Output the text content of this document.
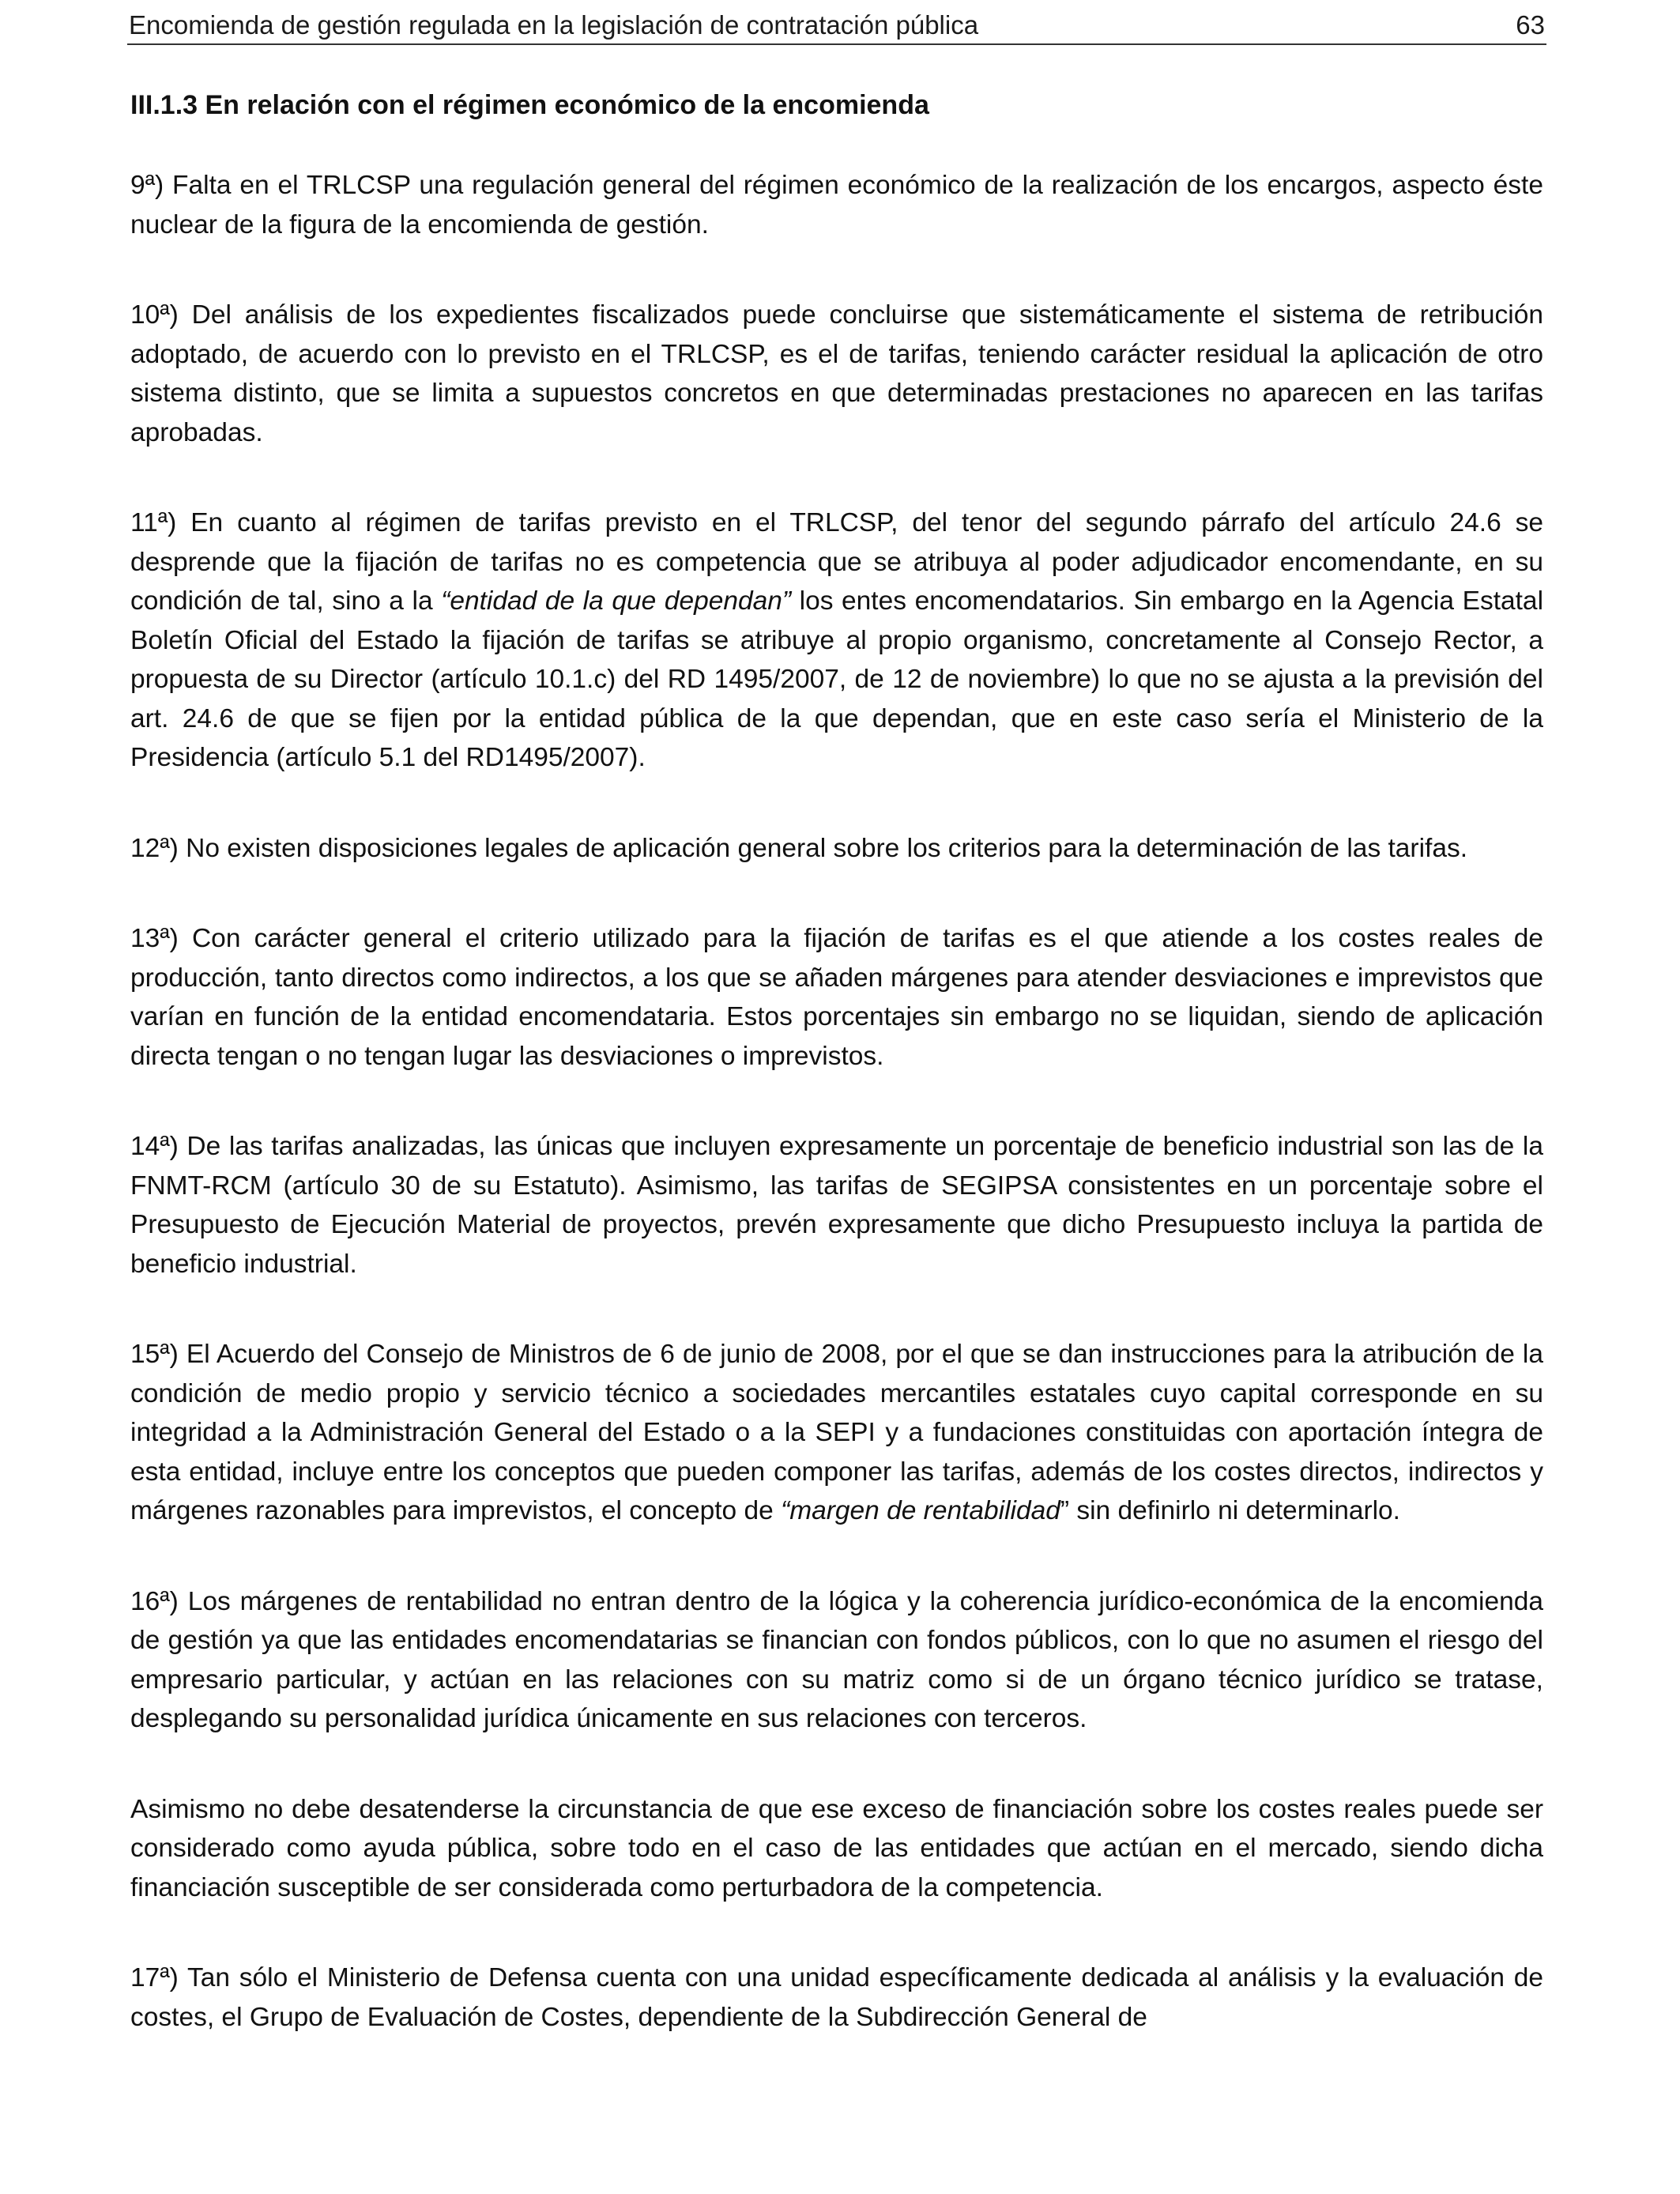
Encomienda de gestión regulada en la legislación de contratación pública	63
III.1.3 En relación con el régimen económico de la encomienda

9ª) Falta en el TRLCSP una regulación general del régimen económico de la realización de los encargos, aspecto éste nuclear de la figura de la encomienda de gestión.

10ª) Del análisis de los expedientes fiscalizados puede concluirse que sistemáticamente el sistema de retribución adoptado, de acuerdo con lo previsto en el TRLCSP, es el de tarifas, teniendo carácter residual la aplicación de otro sistema distinto, que se limita a supuestos concretos en que determinadas prestaciones no aparecen en las tarifas aprobadas.

11ª) En cuanto al régimen de tarifas previsto en el TRLCSP, del tenor del segundo párrafo del artículo 24.6 se desprende que la fijación de tarifas no es competencia que se atribuya al poder adjudicador encomendante, en su condición de tal, sino a la “entidad de la que dependan” los entes encomendatarios. Sin embargo en la Agencia Estatal Boletín Oficial del Estado la fijación de tarifas se atribuye al propio organismo, concretamente al Consejo Rector, a propuesta de su Director (artículo 10.1.c) del RD 1495/2007, de 12 de noviembre) lo que no se ajusta a la previsión del art. 24.6 de que se fijen por la entidad pública de la que dependan, que en este caso sería el Ministerio de la Presidencia (artículo 5.1 del RD1495/2007).

12ª) No existen disposiciones legales de aplicación general sobre los criterios para la determinación de las tarifas.

13ª) Con carácter general el criterio utilizado para la fijación de tarifas es el que atiende a los costes reales de producción, tanto directos como indirectos, a los que se añaden márgenes para atender desviaciones e imprevistos que varían en función de la entidad encomendataria. Estos porcentajes sin embargo no se liquidan, siendo de aplicación directa tengan o no tengan lugar las desviaciones o imprevistos.

14ª) De las tarifas analizadas, las únicas que incluyen expresamente un porcentaje de beneficio industrial son las de la FNMT-RCM (artículo 30 de su Estatuto). Asimismo, las tarifas de SEGIPSA consistentes en un porcentaje sobre el Presupuesto de Ejecución Material de proyectos, prevén expresamente que dicho Presupuesto incluya la partida de beneficio industrial.

15ª) El Acuerdo del Consejo de Ministros de 6 de junio de 2008, por el que se dan instrucciones para la atribución de la condición de medio propio y servicio técnico a sociedades mercantiles estatales cuyo capital corresponde en su integridad a la Administración General del Estado o a la SEPI y a fundaciones constituidas con aportación íntegra de esta entidad, incluye entre los conceptos que pueden componer las tarifas, además de los costes directos, indirectos y márgenes razonables para imprevistos, el concepto de “margen de rentabilidad” sin definirlo ni determinarlo.

16ª) Los márgenes de rentabilidad no entran dentro de la lógica y la coherencia jurídico-económica de la encomienda de gestión ya que las entidades encomendatarias se financian con fondos públicos, con lo que no asumen el riesgo del empresario particular, y actúan en las relaciones con su matriz como si de un órgano técnico jurídico se tratase, desplegando su personalidad jurídica únicamente en sus relaciones con terceros.

Asimismo no debe desatenderse la circunstancia de que ese exceso de financiación sobre los costes reales puede ser considerado como ayuda pública, sobre todo en el caso de las entidades que actúan en el mercado, siendo dicha financiación susceptible de ser considerada como perturbadora de la competencia.

17ª) Tan sólo el Ministerio de Defensa cuenta con una unidad específicamente dedicada al análisis y la evaluación de costes, el Grupo de Evaluación de Costes, dependiente de la Subdirección General de
